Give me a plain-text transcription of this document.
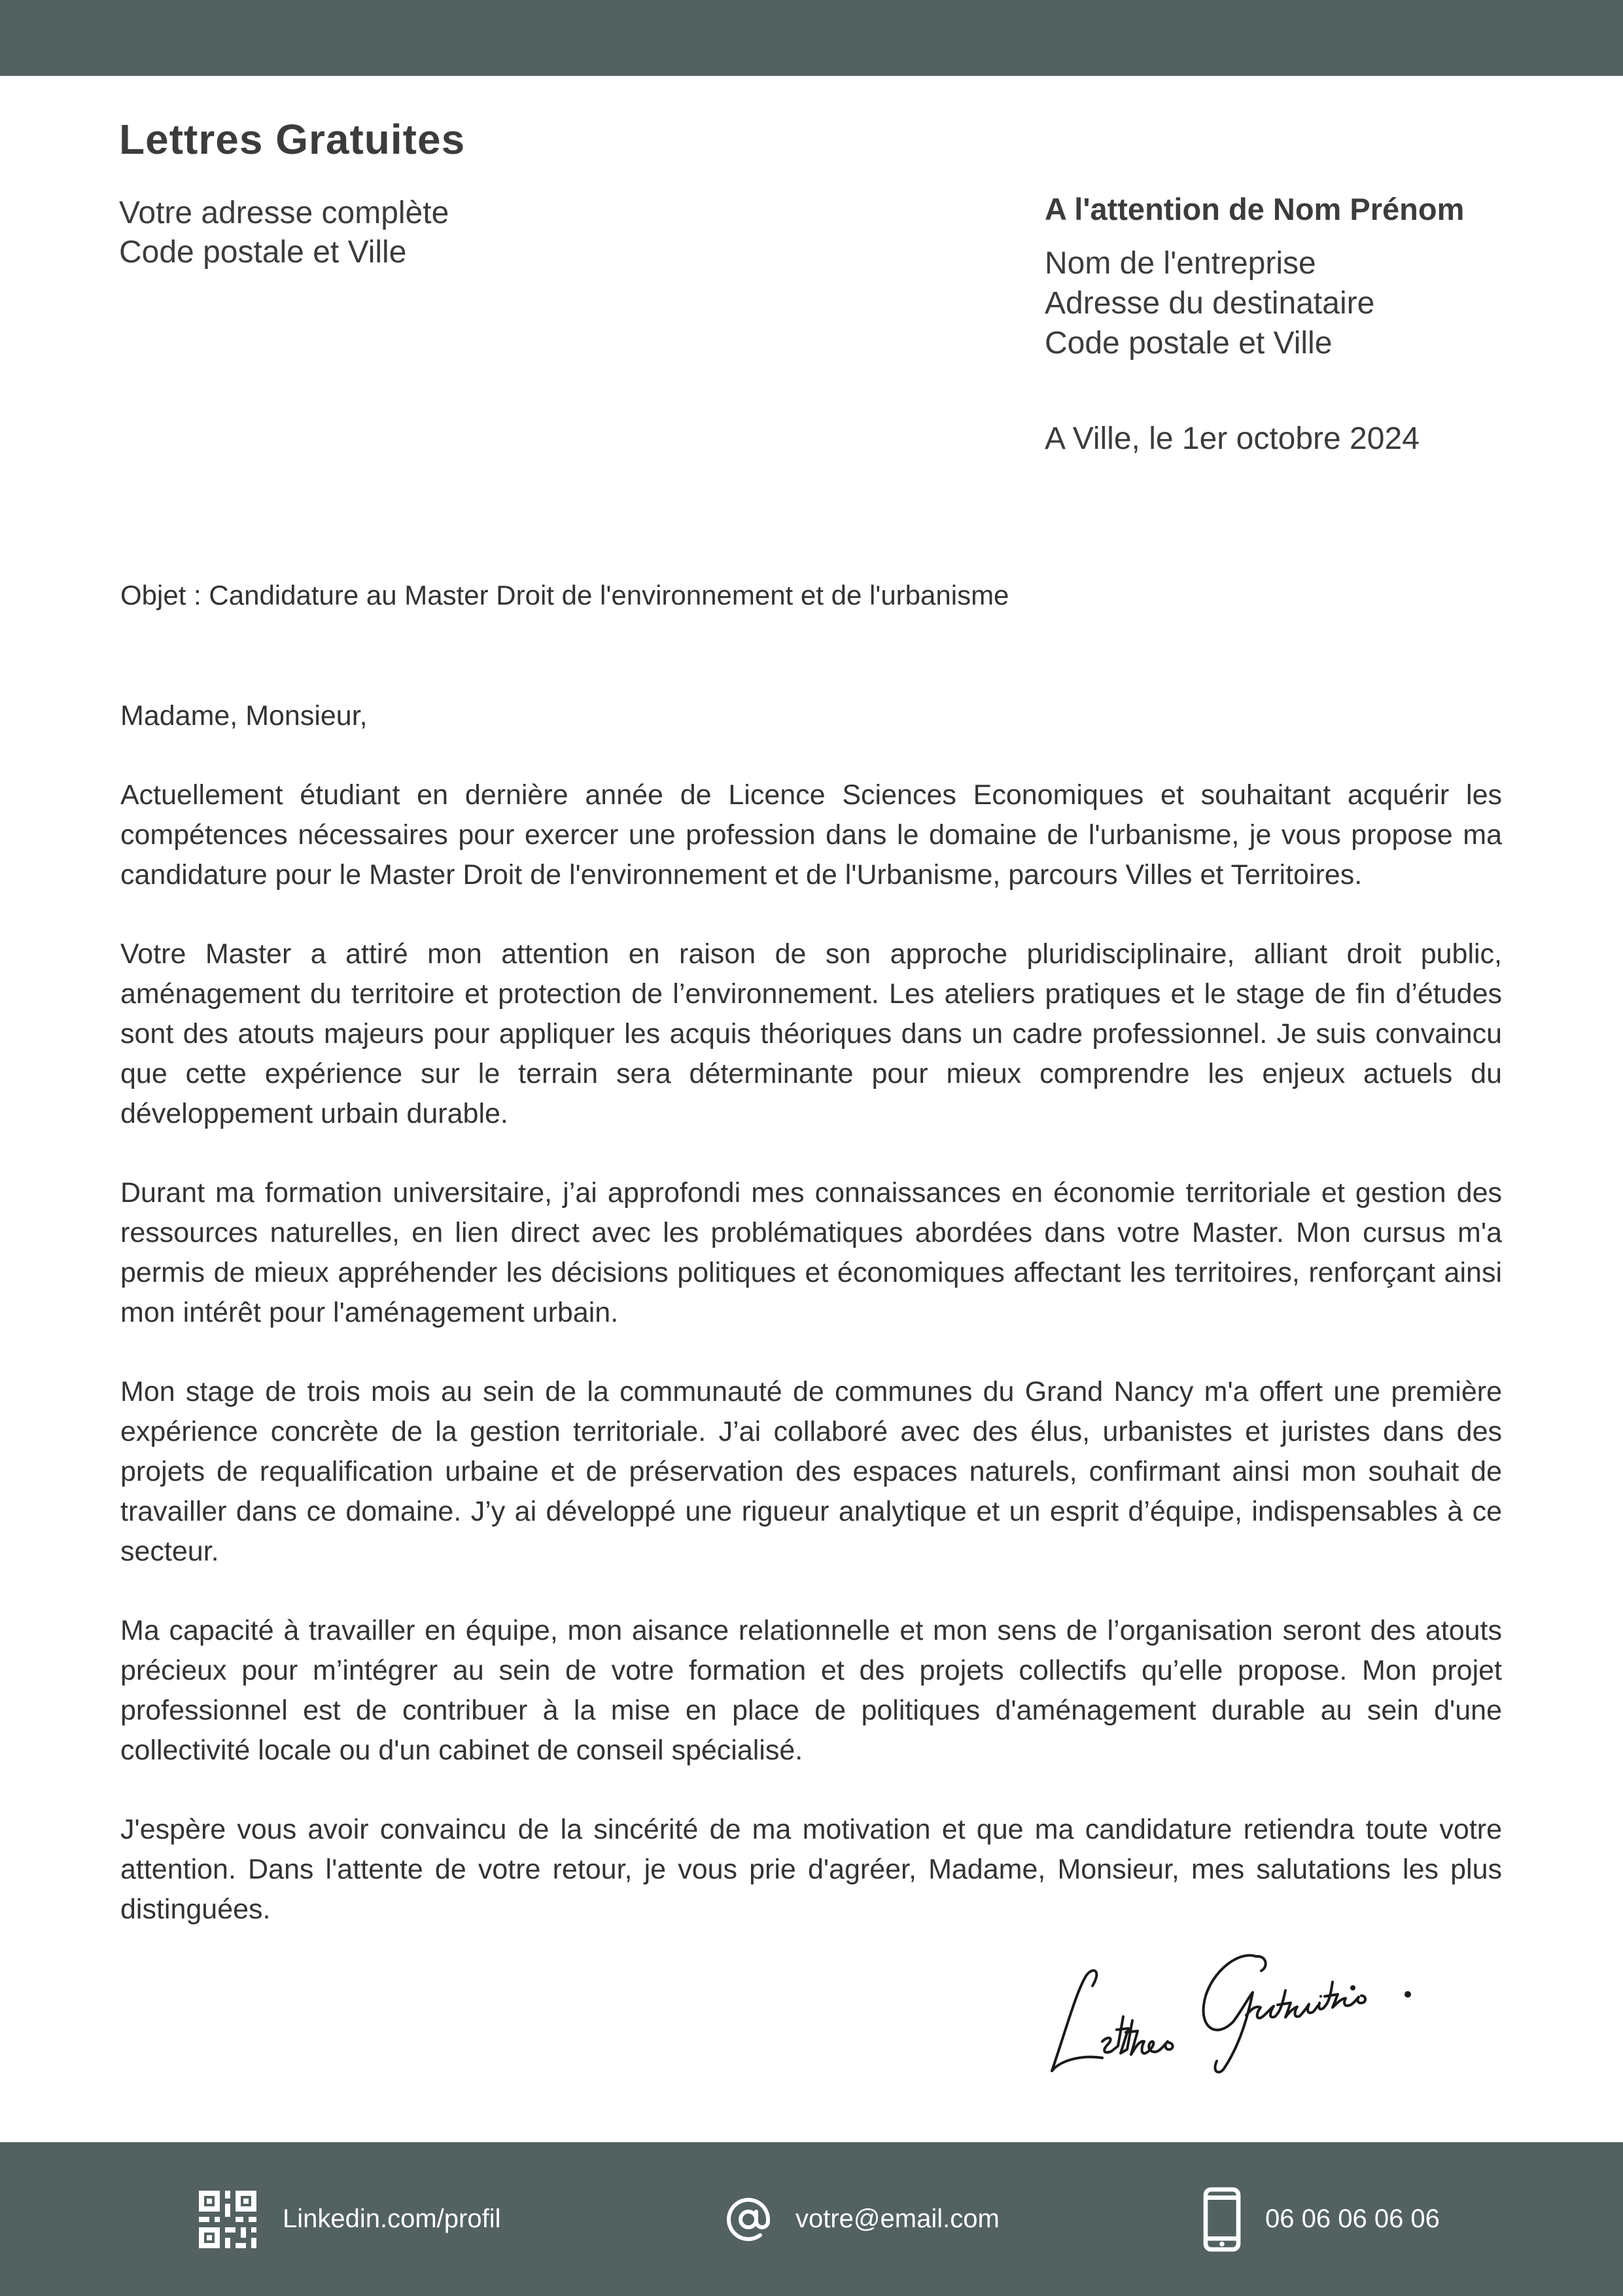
Lettres Gratuites
Votre adresse complète
Code postale et Ville
A l'attention de Nom Prénom
Nom de l'entreprise
Adresse du destinataire
Code postale et Ville
A Ville, le 1er octobre 2024
Objet : Candidature au Master Droit de l'environnement et de l'urbanisme

Madame, Monsieur,

Actuellement étudiant en dernière année de Licence Sciences Economiques et souhaitant acquérir les compétences nécessaires pour exercer une profession dans le domaine de l'urbanisme, je vous propose ma candidature pour le Master Droit de l'environnement et de l'Urbanisme, parcours Villes et Territoires.

Votre Master a attiré mon attention en raison de son approche pluridisciplinaire, alliant droit public, aménagement du territoire et protection de l’environnement. Les ateliers pratiques et le stage de fin d’études sont des atouts majeurs pour appliquer les acquis théoriques dans un cadre professionnel. Je suis convaincu que cette expérience sur le terrain sera déterminante pour mieux comprendre les enjeux actuels du développement urbain durable.

Durant ma formation universitaire, j’ai approfondi mes connaissances en économie territoriale et gestion des ressources naturelles, en lien direct avec les problématiques abordées dans votre Master. Mon cursus m'a permis de mieux appréhender les décisions politiques et économiques affectant les territoires, renforçant ainsi mon intérêt pour l'aménagement urbain.

Mon stage de trois mois au sein de la communauté de communes du Grand Nancy m'a offert une première expérience concrète de la gestion territoriale. J’ai collaboré avec des élus, urbanistes et juristes dans des projets de requalification urbaine et de préservation des espaces naturels, confirmant ainsi mon souhait de travailler dans ce domaine. J’y ai développé une rigueur analytique et un esprit d’équipe, indispensables à ce secteur.

Ma capacité à travailler en équipe, mon aisance relationnelle et mon sens de l’organisation seront des atouts précieux pour m’intégrer au sein de votre formation et des projets collectifs qu’elle propose. Mon projet professionnel est de contribuer à la mise en place de politiques d'aménagement durable au sein d'une collectivité locale ou d'un cabinet de conseil spécialisé.

J'espère vous avoir convaincu de la sincérité de ma motivation et que ma candidature retiendra toute votre attention. Dans l'attente de votre retour, je vous prie d'agréer, Madame, Monsieur, mes salutations les plus distinguées.

Linkedin.com/profil	votre@email.com	06 06 06 06 06
